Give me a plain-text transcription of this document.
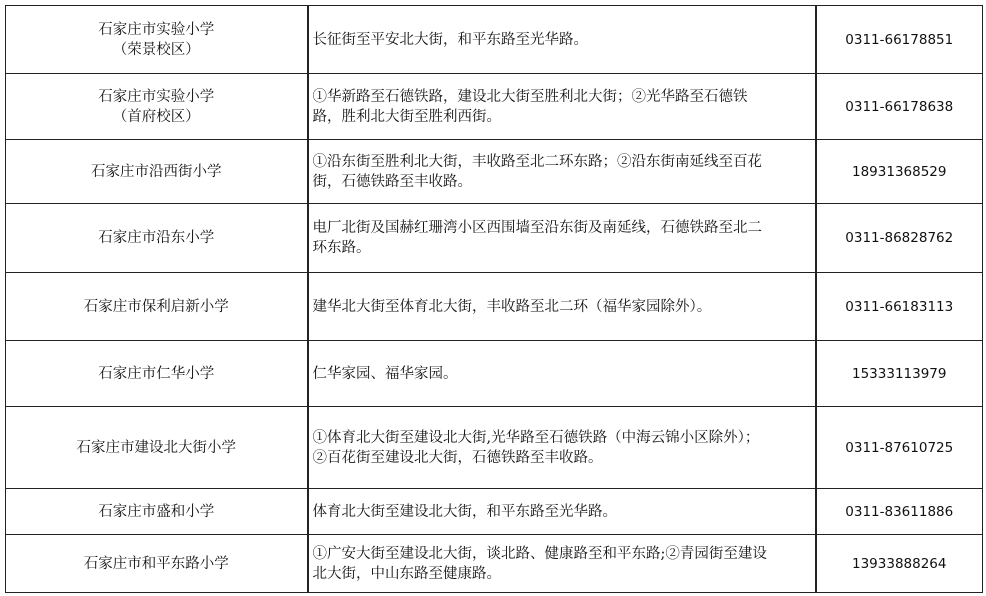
石家庄市实验小学
（荣景校区）	长征街至平安北大街，和平东路至光华路。	0311-66178851

石家庄市实验小学
（首府校区）	①华新路至石德铁路，建设北大街至胜利北大街；②光华路至石德铁
路，胜利北大街至胜利西街。	0311-66178638

石家庄市沿西街小学	①沿东街至胜利北大街，丰收路至北二环东路；②沿东街南延线至百花
街，石德铁路至丰收路。	18931368529

石家庄市沿东小学	电厂北街及国赫红珊湾小区西围墙至沿东街及南延线，石德铁路至北二
环东路。	0311-86828762

石家庄市保利启新小学	建华北大街至体育北大街，丰收路至北二环（福华家园除外）。	0311-66183113

石家庄市仁华小学	仁华家园、福华家园。	15333113979

石家庄市建设北大街小学	①体育北大街至建设北大街,光华路至石德铁路（中海云锦小区除外）；
②百花街至建设北大街，石德铁路至丰收路。	0311-87610725

石家庄市盛和小学	体育北大街至建设北大街，和平东路至光华路。	0311-83611886

石家庄市和平东路小学	①广安大街至建设北大街，谈北路、健康路至和平东路;②青园街至建设
北大街，中山东路至健康路。	13933888264
